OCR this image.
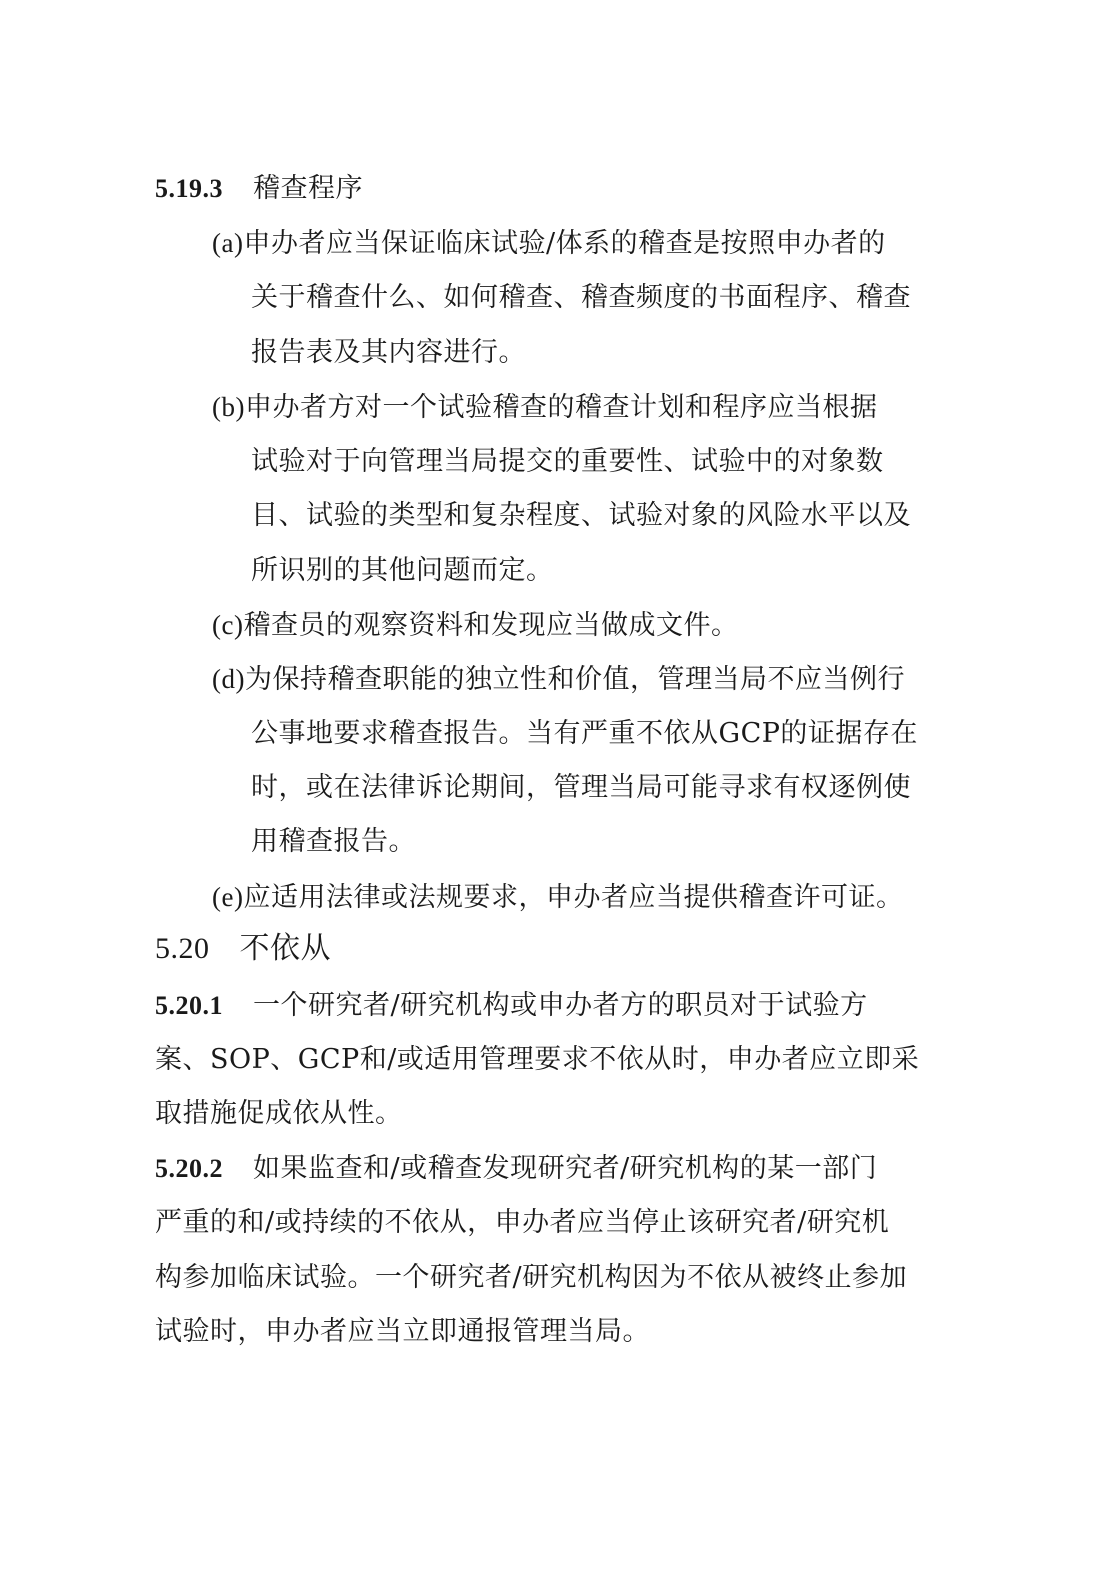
5.19.3 稽查程序
(a)申办者应当保证临床试验/体系的稽查是按照申办者的
关于稽查什么、如何稽查、稽查频度的书面程序、稽查
报告表及其内容进行。
(b)申办者方对一个试验稽查的稽查计划和程序应当根据
试验对于向管理当局提交的重要性、试验中的对象数
目、试验的类型和复杂程度、试验对象的风险水平以及
所识别的其他问题而定。
(c)稽查员的观察资料和发现应当做成文件。
(d)为保持稽查职能的独立性和价值，管理当局不应当例行
公事地要求稽查报告。当有严重不依从GCP的证据存在
时，或在法律诉论期间，管理当局可能寻求有权逐例使
用稽查报告。
(e)应适用法律或法规要求，申办者应当提供稽查许可证。
5.20 不依从
5.20.1 一个研究者/研究机构或申办者方的职员对于试验方
案、SOP、GCP和/或适用管理要求不依从时，申办者应立即采
取措施促成依从性。
5.20.2 如果监查和/或稽查发现研究者/研究机构的某一部门
严重的和/或持续的不依从，申办者应当停止该研究者/研究机
构参加临床试验。一个研究者/研究机构因为不依从被终止参加
试验时，申办者应当立即通报管理当局。
